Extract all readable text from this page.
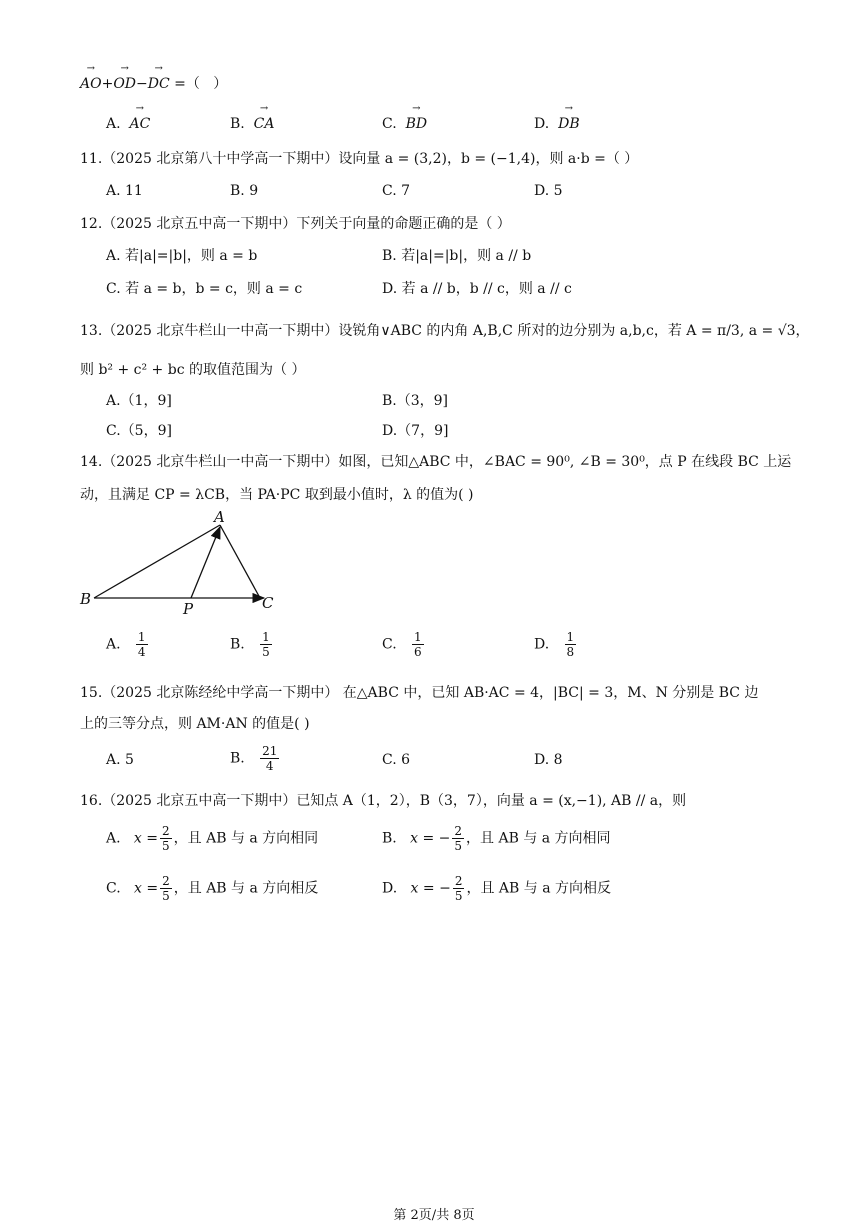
→ AO+→ OD−→ DC =（   ）
A. → AC	B. → CA	C. → BD	D. → DB
11.（2025 北京第八十中学高一下期中）设向量 a = (3,2)，b = (−1,4)，则 a·b =（ ）
A. 11	B. 9	C. 7	D. 5
12.（2025 北京五中高一下期中）下列关于向量的命题正确的是（ ）
A. 若|a|=|b|，则 a = b	B. 若|a|=|b|，则 a // b
C. 若 a = b，b = c，则 a = c	D. 若 a // b，b // c，则 a // c
13.（2025 北京牛栏山一中高一下期中）设锐角∨ABC 的内角 A,B,C 所对的边分别为 a,b,c，若 A = π/3, a = √3，
则 b² + c² + bc 的取值范围为（ ）
A.（1，9]	B.（3，9]
C.（5，9]	D.（7，9]
14.（2025 北京牛栏山一中高一下期中）如图，已知△ABC 中，∠BAC = 90⁰, ∠B = 30⁰，点 P 在线段 BC 上运
动，且满足 CP = λCB，当 PA·PC 取到最小值时，λ 的值为( )
A
B
P	C
A. $\frac{1}{4}$	B. $\frac{1}{5}$	C. $\frac{1}{6}$	D. $\frac{1}{8}$
15.（2025 北京陈经纶中学高一下期中） 在△ABC 中，已知 AB·AC = 4，|BC| = 3，M、N 分别是 BC 边
上的三等分点，则 AM·AN 的值是( )
A. 5	B. $\frac{21}{4}$	C. 6	D. 8
16.（2025 北京五中高一下期中）已知点 A（1，2），B（3，7），向量 a = (x,−1), AB // a，则
A. $x = \frac{2}{5}$ ，且 AB 与 a 方向相同	B. x = − $\frac{2}{5}$ ，且 AB 与 a 方向相同
C. $x = \frac{2}{5}$ ，且 AB 与 a 方向相反	D. x = − $\frac{2}{5}$ ，且 AB 与 a 方向相反
第 2页/共 8页
